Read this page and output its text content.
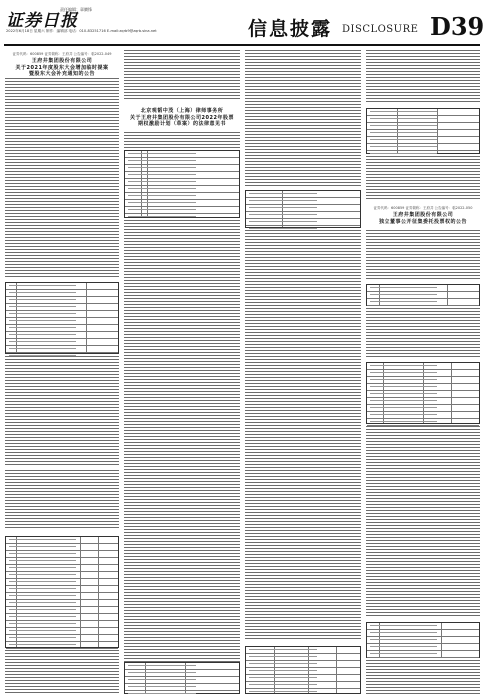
证券日报
责任编辑：章腾锋
2022年6月18日 星期六 制作：编辑部 电话：010-83251716 E-mail:zqrb9@zqrb.sina.net	信息披露 DISCLOSURE D39
证券代码：600859 证券简称：王府井 公告编号：临2022-049
王府井集团股份有限公司
关于2021年度股东大会增加临时提案
暨股东大会补充通知的公告
北京观韬中茂（上海）律师事务所
关于王府井集团股份有限公司2022年股票
期权激励计划（草案）的法律意见书
证券代码：600859 证券简称：王府井 公告编号：临2022-050
王府井集团股份有限公司
独立董事公开征集委托投票权的公告
